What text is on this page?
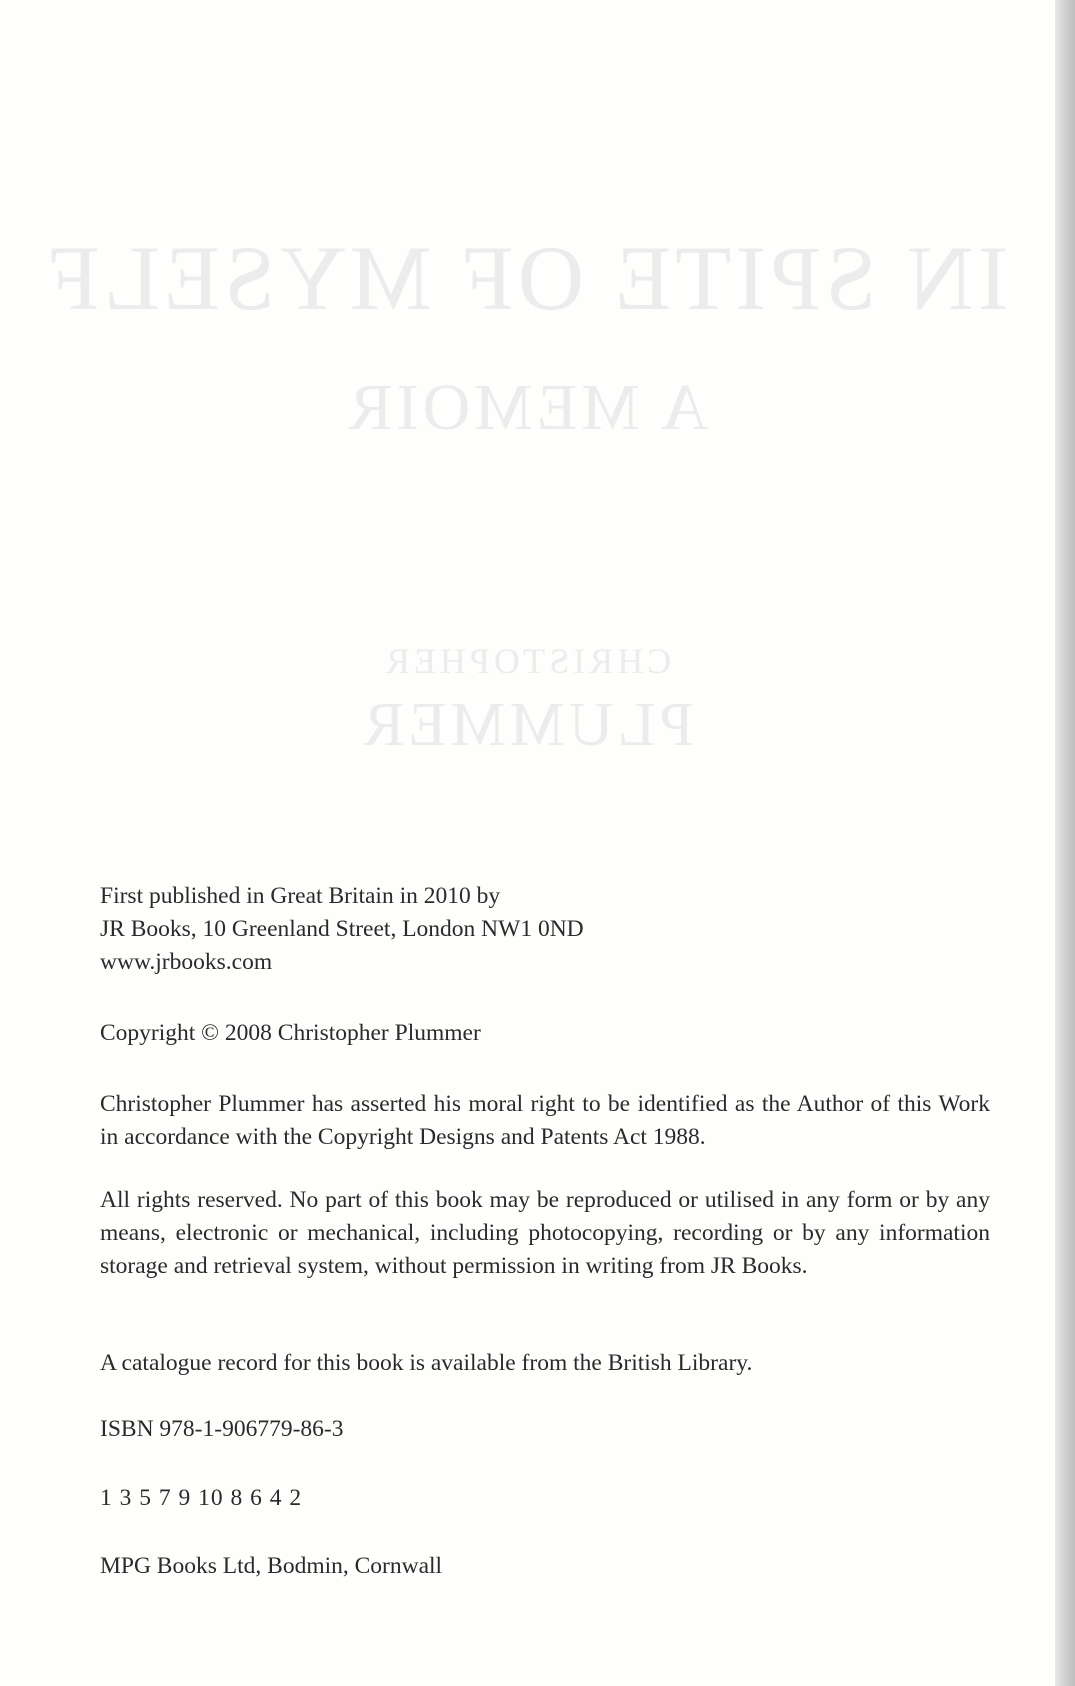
IN SPITE OF MYSELF
A MEMOIR
CHRISTOPHER
PLUMMER

First published in Great Britain in 2010 by

JR Books, 10 Greenland Street, London NW1 0ND

www.jrbooks.com

Copyright © 2008 Christopher Plummer

Christopher Plummer has asserted his moral right to be identified as the Author of this Work in accordance with the Copyright Designs and Patents Act 1988.

All rights reserved. No part of this book may be reproduced or utilised in any form or by any means, electronic or mechanical, including photocopying, recording or by any information storage and retrieval system, without permission in writing from JR Books.

A catalogue record for this book is available from the British Library.

ISBN 978-1-906779-86-3

1 3 5 7 9 10 8 6 4 2

MPG Books Ltd, Bodmin, Cornwall
